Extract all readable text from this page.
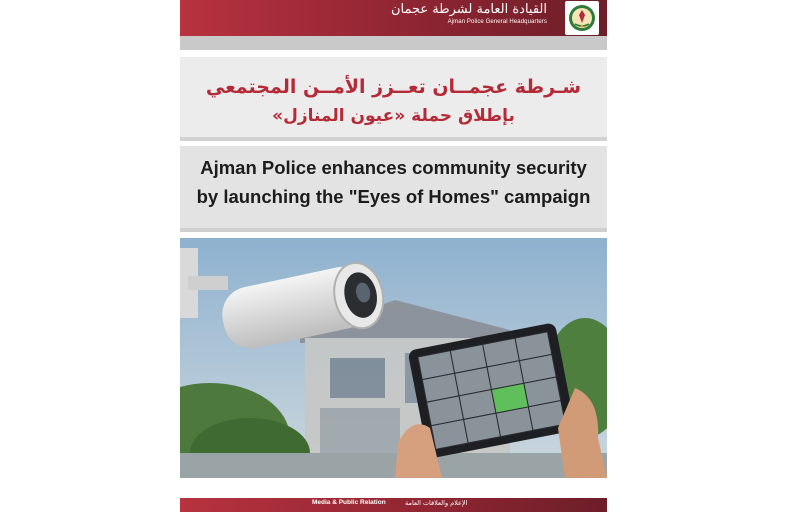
القيادة العامة لشرطة عجمان
Ajman Police General Headquarters
شـرطة عجمــان تعــزز الأمــن المجتمعي
بإطلاق حملة «عيون المنازل»
Ajman Police enhances community security
by launching the "Eyes of Homes" campaign
Media & Public Relation	الإعلام والعلاقات العامة
